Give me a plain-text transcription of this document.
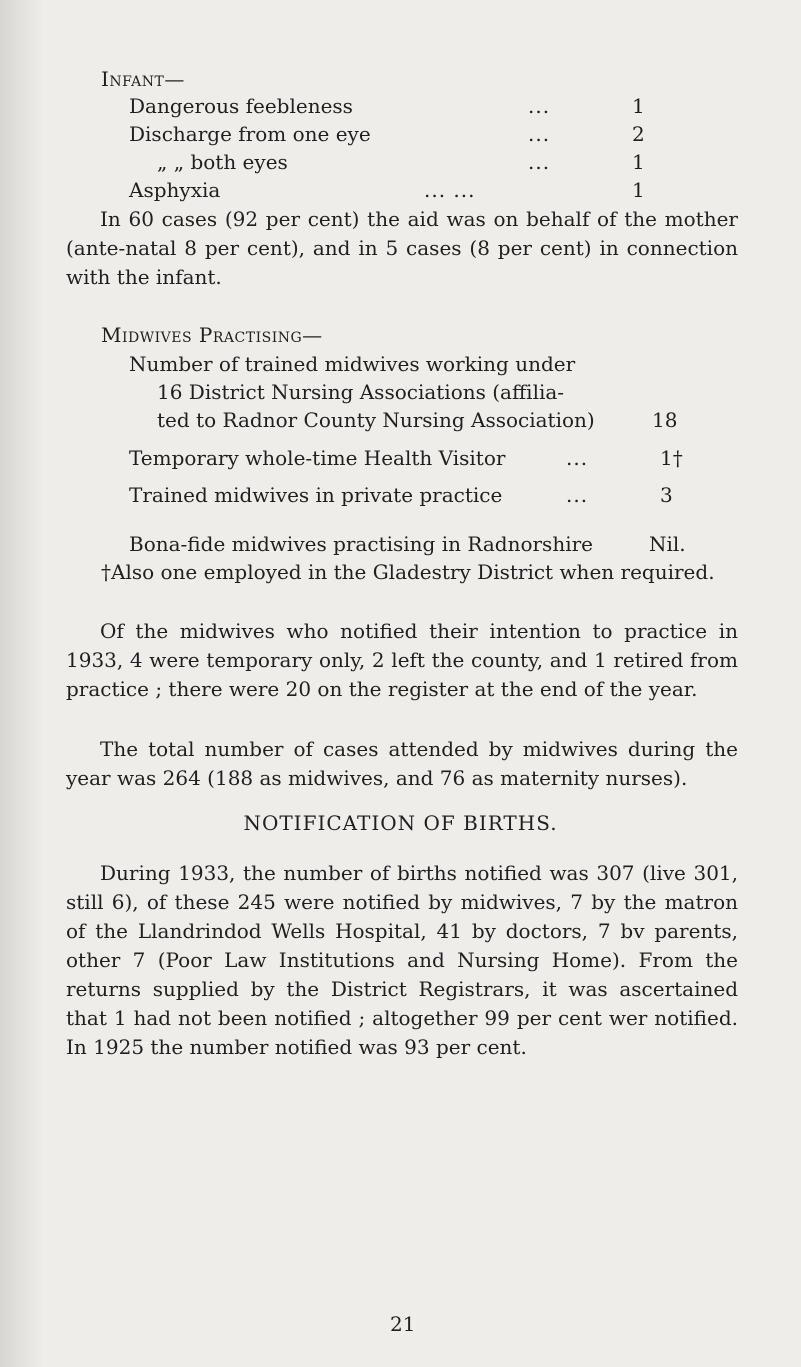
Infant—
Dangerous feebleness	...	1
Discharge from one eye	...	2
„ „ both eyes	...	1
Asphyxia	... ...	1
In 60 cases (92 per cent) the aid was on behalf of the mother (ante-natal 8 per cent), and in 5 cases (8 per cent) in connection with the infant.
Midwives Practising—
Number of trained midwives working under
16 District Nursing Associations (affilia-
ted to Radnor County Nursing Association)	18
Temporary whole-time Health Visitor	...	1†
Trained midwives in private practice	...	3
Bona-fide midwives practising in Radnorshire	Nil.
†Also one employed in the Gladestry District when required.
Of the midwives who notified their intention to practice in 1933, 4 were temporary only, 2 left the county, and 1 retired from practice ; there were 20 on the register at the end of the year.
The total number of cases attended by midwives during the year was 264 (188 as midwives, and 76 as maternity nurses).
NOTIFICATION OF BIRTHS.
During 1933, the number of births notified was 307 (live 301, still 6), of these 245 were notified by midwives, 7 by the matron of the Llandrindod Wells Hospital, 41 by doctors, 7 bv parents, other 7 (Poor Law Institutions and Nursing Home). From the returns supplied by the District Registrars, it was ascertained that 1 had not been notified ; altogether 99 per cent wer notified. In 1925 the number notified was 93 per cent.
21
